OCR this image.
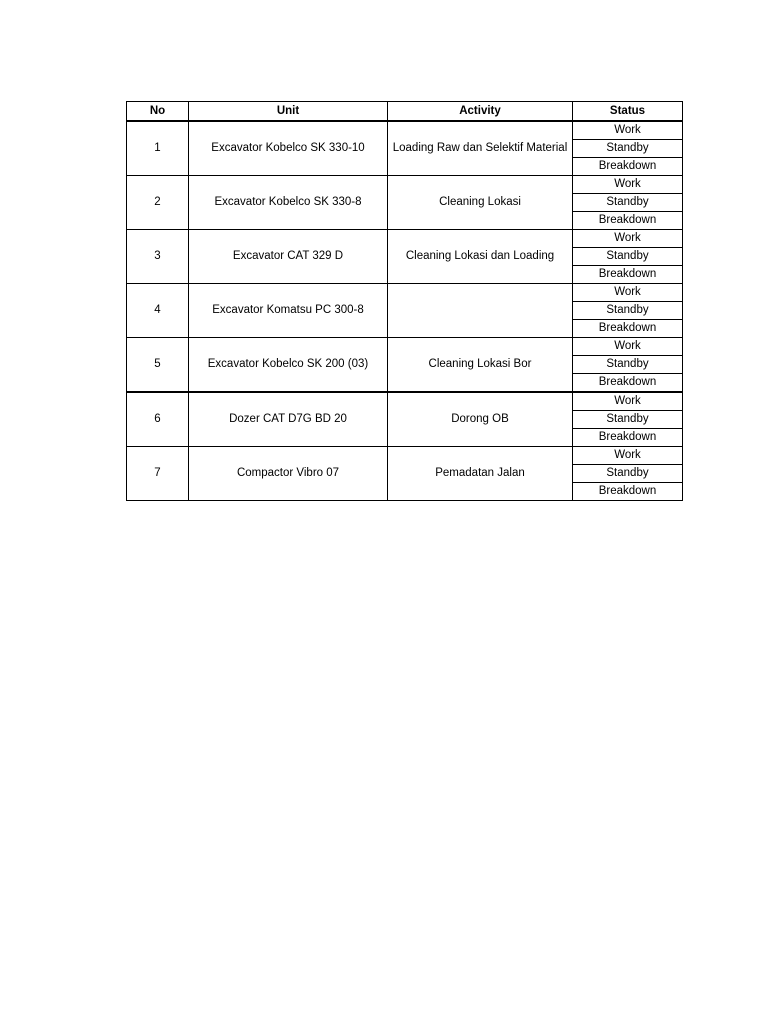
No	Unit	Activity	Status
1	Excavator Kobelco SK 330-10	Loading Raw dan Selektif Material	Work
			Standby
			Breakdown
2	Excavator Kobelco SK 330-8	Cleaning Lokasi	Work
			Standby
			Breakdown
3	Excavator CAT 329 D	Cleaning Lokasi dan Loading	Work
			Standby
			Breakdown
4	Excavator Komatsu PC 300-8		Work
			Standby
			Breakdown
5	Excavator Kobelco SK 200 (03)	Cleaning Lokasi Bor	Work
			Standby
			Breakdown
6	Dozer CAT D7G BD 20	Dorong OB	Work
			Standby
			Breakdown
7	Compactor Vibro 07	Pemadatan Jalan	Work
			Standby
			Breakdown
